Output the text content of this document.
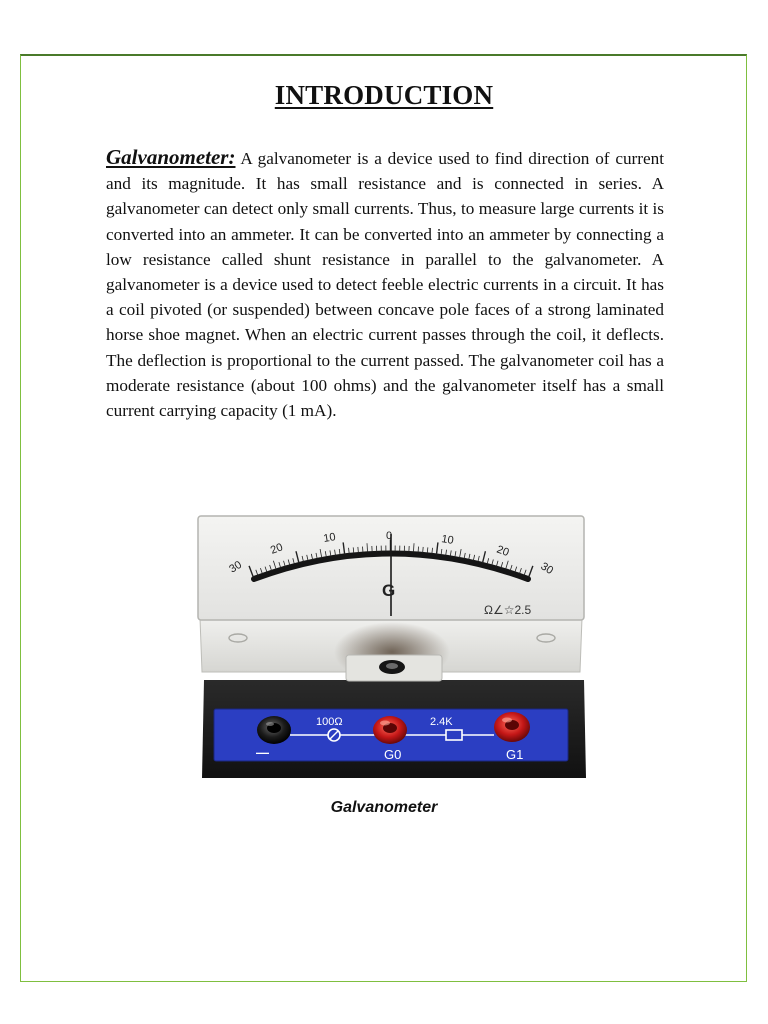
INTRODUCTION
Galvanometer: A galvanometer is a device used to find direction of current and its magnitude. It has small resistance and is connected in series. A galvanometer can detect only small currents. Thus, to measure large currents it is converted into an ammeter. It can be converted into an ammeter by connecting a low resistance called shunt resistance in parallel to the galvanometer. A galvanometer is a device used to detect feeble electric currents in a circuit. It has a coil pivoted (or suspended) between concave pole faces of a strong laminated horse shoe magnet. When an electric current passes through the coil, it deflects. The deflection is proportional to the current passed. The galvanometer coil has a moderate resistance (about 100 ohms) and the galvanometer itself has a small current carrying capacity (1 mA).
100Ω	2.4K
—	G0	G1
30
20
10	0	10
20
30
G
Ω∠☆2.5
Galvanometer
